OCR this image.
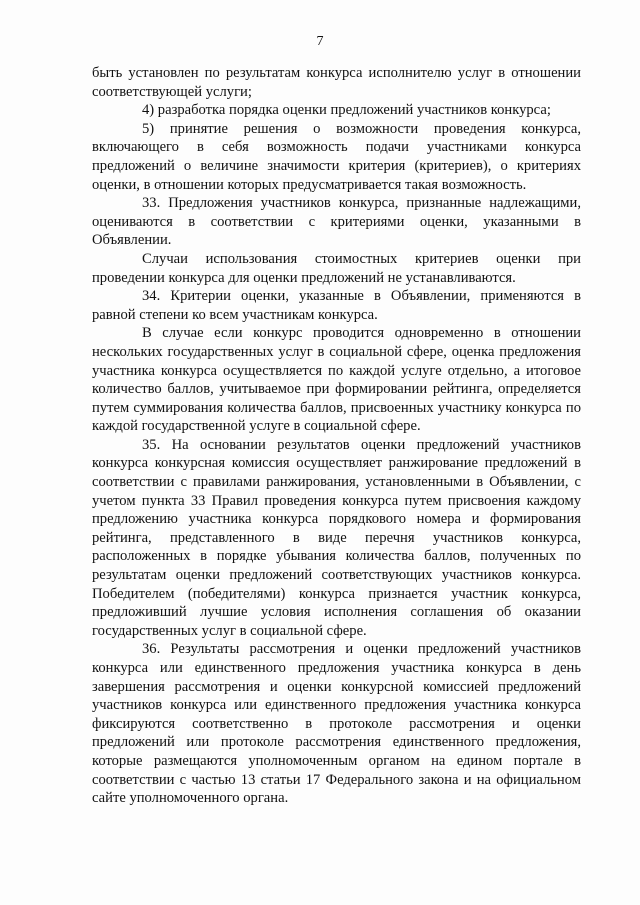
7

быть установлен по результатам конкурса исполнителю услуг в отношении соответствующей услуги;

4) разработка порядка оценки предложений участников конкурса;

5) принятие решения о возможности проведения конкурса, включающего в себя возможность подачи участниками конкурса предложений о величине значимости критерия (критериев), о критериях оценки, в отношении которых предусматривается такая возможность.

33. Предложения участников конкурса, признанные надлежащими, оцениваются в соответствии с критериями оценки, указанными в Объявлении.

Случаи использования стоимостных критериев оценки при проведении конкурса для оценки предложений не устанавливаются.

34. Критерии оценки, указанные в Объявлении, применяются в равной степени ко всем участникам конкурса.

В случае если конкурс проводится одновременно в отношении нескольких государственных услуг в социальной сфере, оценка предложения участника конкурса осуществляется по каждой услуге отдельно, а итоговое количество баллов, учитываемое при формировании рейтинга, определяется путем суммирования количества баллов, присвоенных участнику конкурса по каждой государственной услуге в социальной сфере.

35. На основании результатов оценки предложений участников конкурса конкурсная комиссия осуществляет ранжирование предложений в соответствии с правилами ранжирования, установленными в Объявлении, с учетом пункта 33 Правил проведения конкурса путем присвоения каждому предложению участника конкурса порядкового номера и формирования рейтинга, представленного в виде перечня участников конкурса, расположенных в порядке убывания количества баллов, полученных по результатам оценки предложений соответствующих участников конкурса. Победителем (победителями) конкурса признается участник конкурса, предложивший лучшие условия исполнения соглашения об оказании государственных услуг в социальной сфере.

36. Результаты рассмотрения и оценки предложений участников конкурса или единственного предложения участника конкурса в день завершения рассмотрения и оценки конкурсной комиссией предложений участников конкурса или единственного предложения участника конкурса фиксируются соответственно в протоколе рассмотрения и оценки предложений или протоколе рассмотрения единственного предложения, которые размещаются уполномоченным органом на едином портале в соответствии с частью 13 статьи 17 Федерального закона и на официальном сайте уполномоченного органа.
